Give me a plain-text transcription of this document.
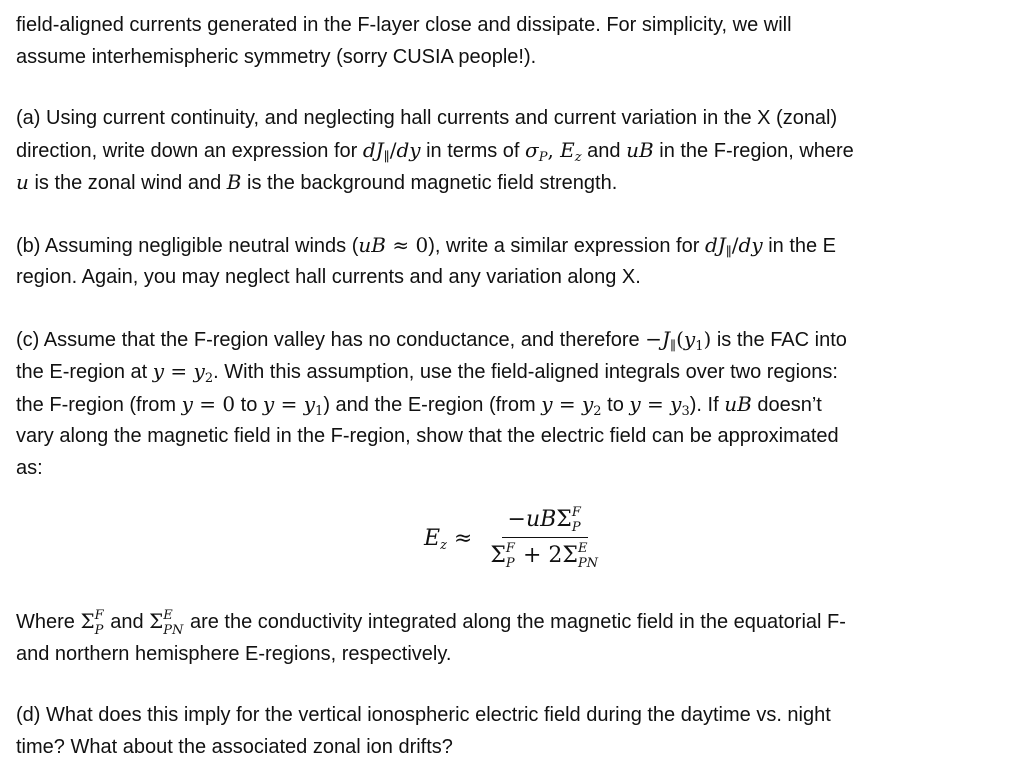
field-aligned currents generated in the F-layer close and dissipate. For simplicity, we will

assume interhemispheric symmetry (sorry CUSIA people!).

(a) Using current continuity, and neglecting hall currents and current variation in the X (zonal)

direction, write down an expression for $dJ_\parallel/dy$ in terms of $\sigma_P$, $E_z$ and uB in the F-region, where

u is the zonal wind and B is the background magnetic field strength.

(b) Assuming negligible neutral winds (uB ≈ 0), write a similar expression for $dJ_\parallel/dy$ in the E

region. Again, you may neglect hall currents and any variation along X.

(c) Assume that the F-region valley has no conductance, and therefore $-J_\parallel(y_1)$ is the FAC into

the E-region at $y = y_2$. With this assumption, use the field-aligned integrals over two regions:

the F-region (from y = 0 to $y = y_1$) and the E-region (from $y = y_2$ to $y = y_3$). If uB doesn’t

vary along the magnetic field in the F-region, show that the electric field can be approximated

as:

$E_z \approx -uB\Sigma$ F
P
Σ F
P + 2Σ E
PN

Where Σ F
P and Σ E
PN are the conductivity integrated along the magnetic field in the equatorial F-

and northern hemisphere E-regions, respectively.

(d) What does this imply for the vertical ionospheric electric field during the daytime vs. night

time? What about the associated zonal ion drifts?
